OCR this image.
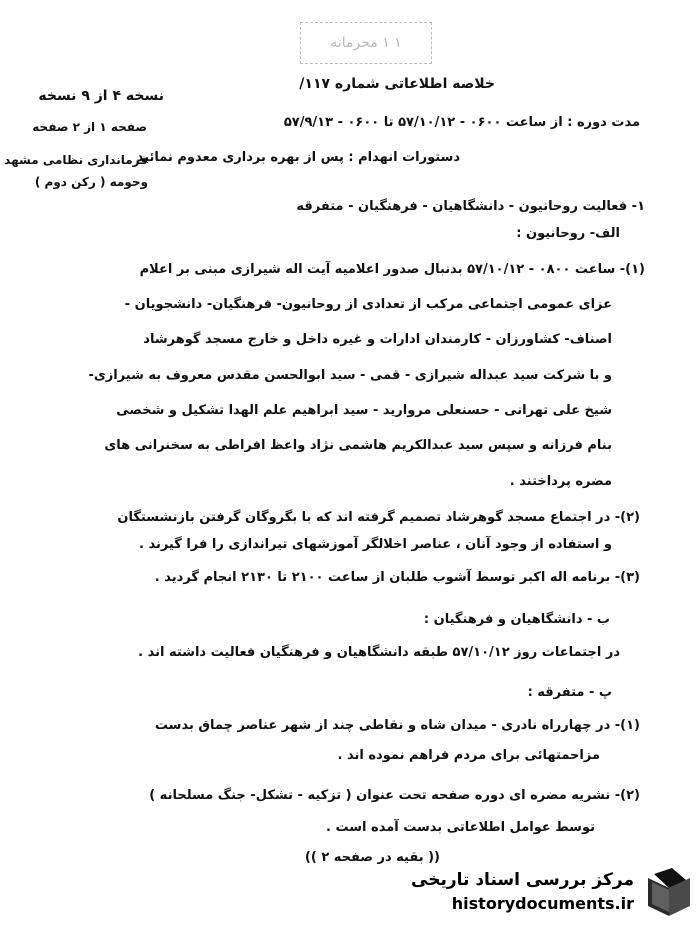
۱ ۱ محرمانه
خلاصه اطلاعاتی شماره ۱۱۷/
مدت دوره : از ساعت ۰۶۰۰ - ۵۷/۱۰/۱۲ تا ۰۶۰۰ - ۵۷/۹/۱۳
دستورات انهدام : پس از بهره برداری معدوم نمائید
نسخه ۴ از ۹ نسخه
صفحه ۱ از ۲ صفحه
فرمانداری نظامی مشهد
وحومه ( رکن دوم )
۱- فعالیت روحانیون - دانشگاهیان - فرهنگیان - متفرقه
الف- روحانیون :
(۱)- ساعت ۰۸۰۰ - ۵۷/۱۰/۱۲ بدنبال صدور اعلامیه آیت اله شیرازی مبنی بر اعلام
عزای عمومی اجتماعی مرکب از تعدادی از روحانیون- فرهنگیان- دانشجویان -
اصناف- کشاورزان - کارمندان ادارات و غیره داخل و خارج مسجد گوهرشاد
و با شرکت سید عبداله شیرازی - قمی - سید ابوالحسن مقدس معروف به شیرازی-
شیخ علی تهرانی - حسنعلی مروارید - سید ابراهیم علم الهدا تشکیل و شخصی
بنام فرزانه و سپس سید عبدالکریم هاشمی نژاد واعظ افراطی به سخنرانی های
مضره پرداختند .
(۲)- در اجتماع مسجد گوهرشاد تصمیم گرفته اند که با بگروگان گرفتن بازنشستگان
و استفاده از وجود آنان ، عناصر اخلالگر آموزشهای تیراندازی را فرا گیرند .
(۳)- برنامه اله اکبر توسط آشوب طلبان از ساعت ۲۱۰۰ تا ۲۱۳۰ انجام گردید .
ب - دانشگاهیان و فرهنگیان :
در اجتماعات روز ۵۷/۱۰/۱۲ طبقه دانشگاهیان و فرهنگیان فعالیت داشته اند .
پ - متفرقه :
(۱)- در چهارراه نادری - میدان شاه و نقاطی چند از شهر عناصر چماق بدست
مزاحمتهائی برای مردم فراهم نموده اند .
(۲)- نشریه مضره ای دوره صفحه تحت عنوان ( تزکیه - تشکل- جنگ مسلحانه )
توسط عوامل اطلاعاتی بدست آمده است .
(( بقیه در صفحه ۲ ))
مرکز بررسی اسناد تاریخی
historydocuments.ir
